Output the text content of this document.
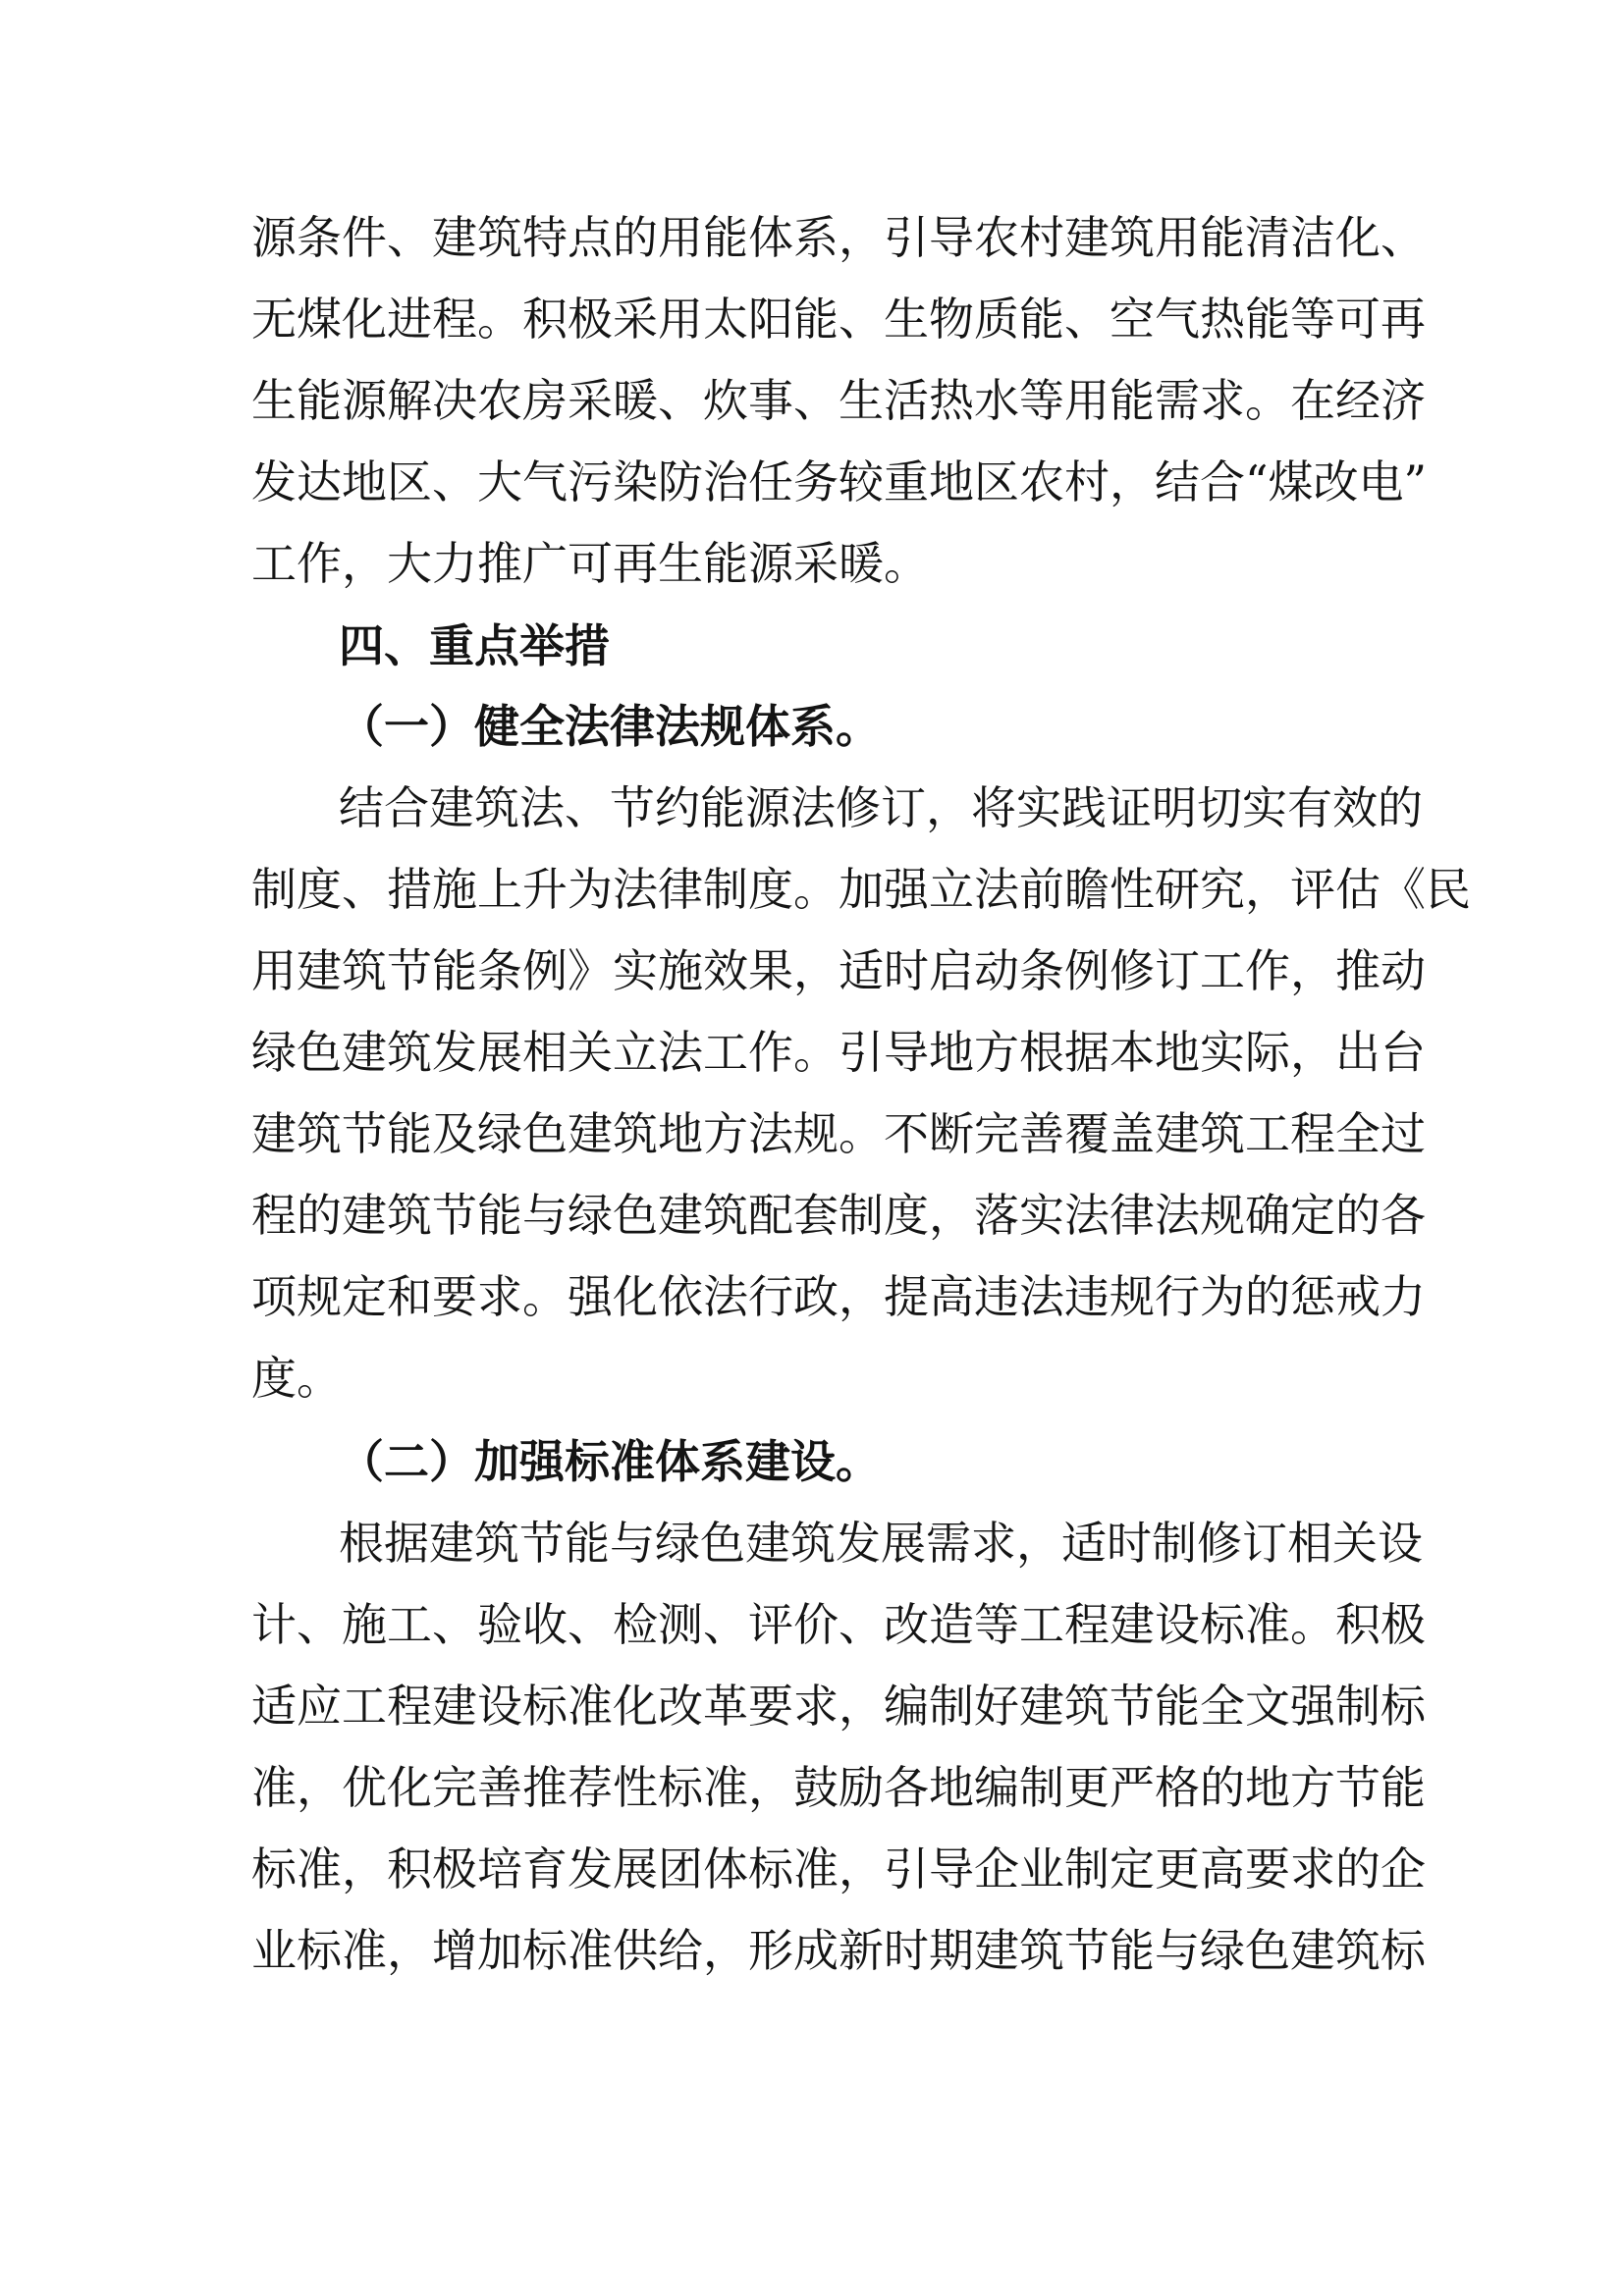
源条件、建筑特点的用能体系，引导农村建筑用能清洁化、
无煤化进程。积极采用太阳能、生物质能、空气热能等可再
生能源解决农房采暖、炊事、生活热水等用能需求。在经济
发达地区、大气污染防治任务较重地区农村，结合“煤改电”
工作，大力推广可再生能源采暖。
四、重点举措
（一）健全法律法规体系。
结合建筑法、节约能源法修订，将实践证明切实有效的
制度、措施上升为法律制度。加强立法前瞻性研究，评估《民
用建筑节能条例》实施效果，适时启动条例修订工作，推动
绿色建筑发展相关立法工作。引导地方根据本地实际，出台
建筑节能及绿色建筑地方法规。不断完善覆盖建筑工程全过
程的建筑节能与绿色建筑配套制度，落实法律法规确定的各
项规定和要求。强化依法行政，提高违法违规行为的惩戒力
度。
（二）加强标准体系建设。
根据建筑节能与绿色建筑发展需求，适时制修订相关设
计、施工、验收、检测、评价、改造等工程建设标准。积极
适应工程建设标准化改革要求，编制好建筑节能全文强制标
准，优化完善推荐性标准，鼓励各地编制更严格的地方节能
标准，积极培育发展团体标准，引导企业制定更高要求的企
业标准，增加标准供给，形成新时期建筑节能与绿色建筑标
